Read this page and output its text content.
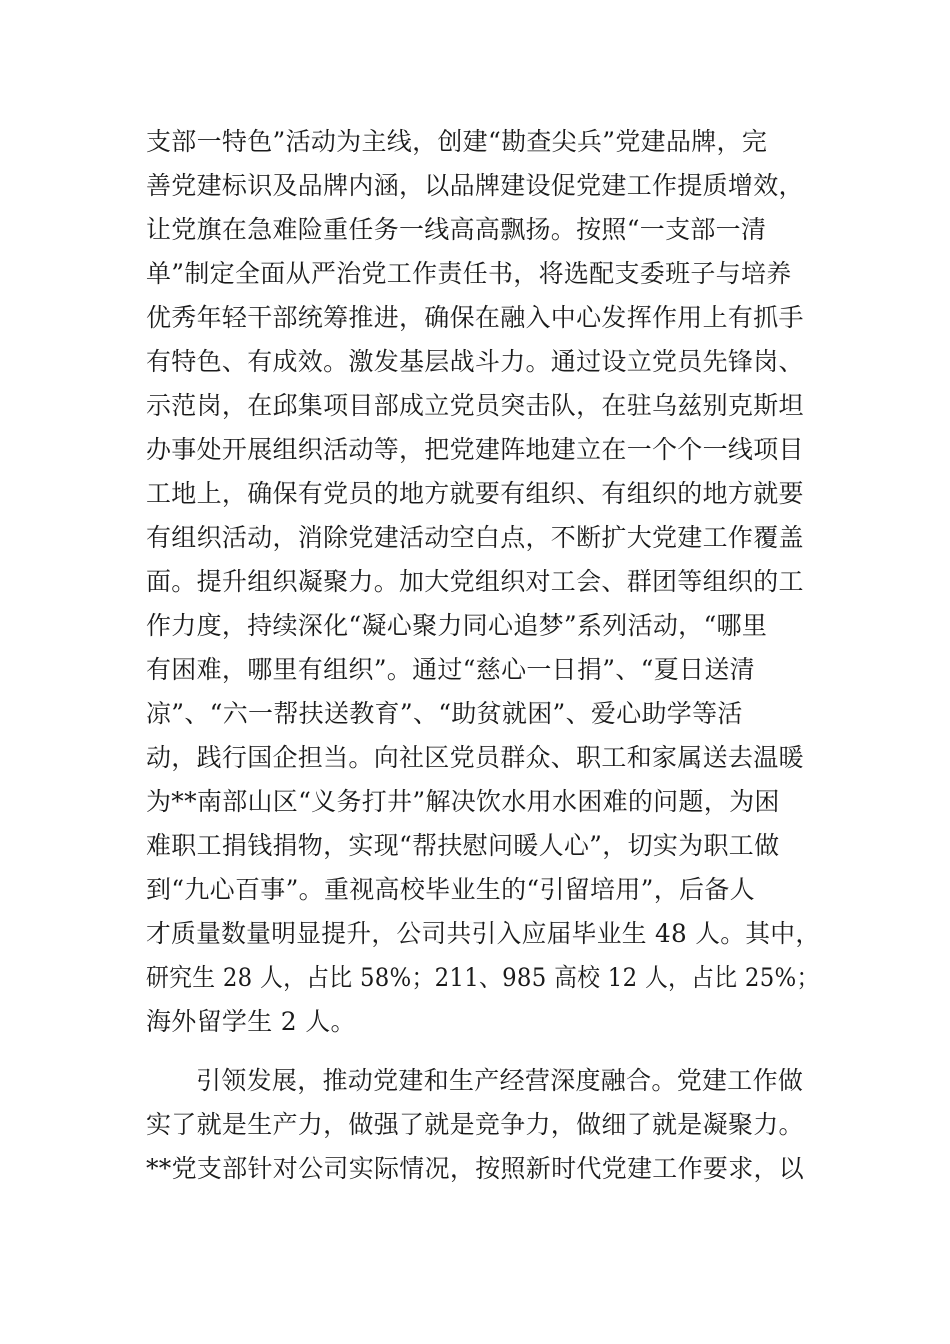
支部一特色”活动为主线，创建“勘查尖兵”党建品牌，完
善党建标识及品牌内涵，以品牌建设促党建工作提质增效，
让党旗在急难险重任务一线高高飘扬。按照“一支部一清
单”制定全面从严治党工作责任书，将选配支委班子与培养
优秀年轻干部统筹推进，确保在融入中心发挥作用上有抓手
有特色、有成效。激发基层战斗力。通过设立党员先锋岗、
示范岗，在邱集项目部成立党员突击队，在驻乌兹别克斯坦
办事处开展组织活动等，把党建阵地建立在一个个一线项目
工地上，确保有党员的地方就要有组织、有组织的地方就要
有组织活动，消除党建活动空白点，不断扩大党建工作覆盖
面。提升组织凝聚力。加大党组织对工会、群团等组织的工
作力度，持续深化“凝心聚力同心追梦”系列活动，“哪里
有困难，哪里有组织”。通过“慈心一日捐”、“夏日送清
凉”、“六一帮扶送教育”、“助贫就困”、爱心助学等活
动，践行国企担当。向社区党员群众、职工和家属送去温暖
为**南部山区“义务打井”解决饮水用水困难的问题，为困
难职工捐钱捐物，实现“帮扶慰问暖人心”，切实为职工做
到“九心百事”。重视高校毕业生的“引留培用”，后备人
才质量数量明显提升，公司共引入应届毕业生 48 人。其中，
研究生 28 人，占比 58%；211、985 高校 12 人，占比 25%；
海外留学生 2 人。
引领发展，推动党建和生产经营深度融合。党建工作做
实了就是生产力，做强了就是竞争力，做细了就是凝聚力。
**党支部针对公司实际情况，按照新时代党建工作要求，以
